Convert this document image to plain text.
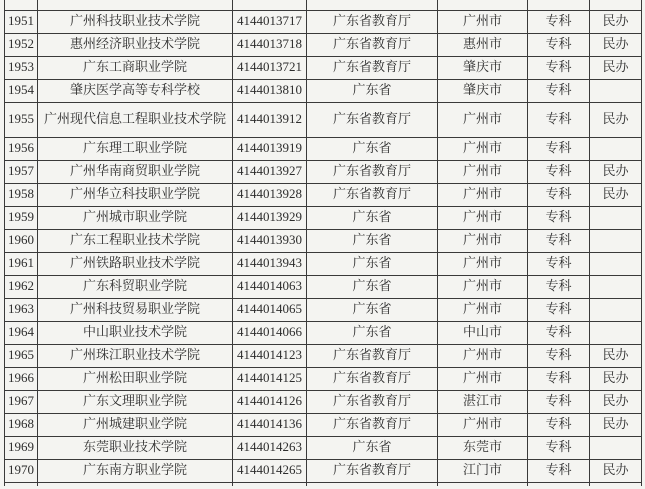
1951	广州科技职业技术学院	4144013717	广东省教育厅	广州市	专科	民办
1952	惠州经济职业技术学院	4144013718	广东省教育厅	惠州市	专科	民办
1953	广东工商职业学院	4144013721	广东省教育厅	肇庆市	专科	民办
1954	肇庆医学高等专科学校	4144013810	广东省	肇庆市	专科	
1955	广州现代信息工程职业技术学院	4144013912	广东省教育厅	广州市	专科	民办
1956	广东理工职业学院	4144013919	广东省	广州市	专科	
1957	广州华南商贸职业学院	4144013927	广东省教育厅	广州市	专科	民办
1958	广州华立科技职业学院	4144013928	广东省教育厅	广州市	专科	民办
1959	广州城市职业学院	4144013929	广东省	广州市	专科	
1960	广东工程职业技术学院	4144013930	广东省	广州市	专科	
1961	广州铁路职业技术学院	4144013943	广东省	广州市	专科	
1962	广东科贸职业学院	4144014063	广东省	广州市	专科	
1963	广州科技贸易职业学院	4144014065	广东省	广州市	专科	
1964	中山职业技术学院	4144014066	广东省	中山市	专科	
1965	广州珠江职业技术学院	4144014123	广东省教育厅	广州市	专科	民办
1966	广州松田职业学院	4144014125	广东省教育厅	广州市	专科	民办
1967	广东文理职业学院	4144014126	广东省教育厅	湛江市	专科	民办
1968	广州城建职业学院	4144014136	广东省教育厅	广州市	专科	民办
1969	东莞职业技术学院	4144014263	广东省	东莞市	专科	
1970	广东南方职业学院	4144014265	广东省教育厅	江门市	专科	民办
